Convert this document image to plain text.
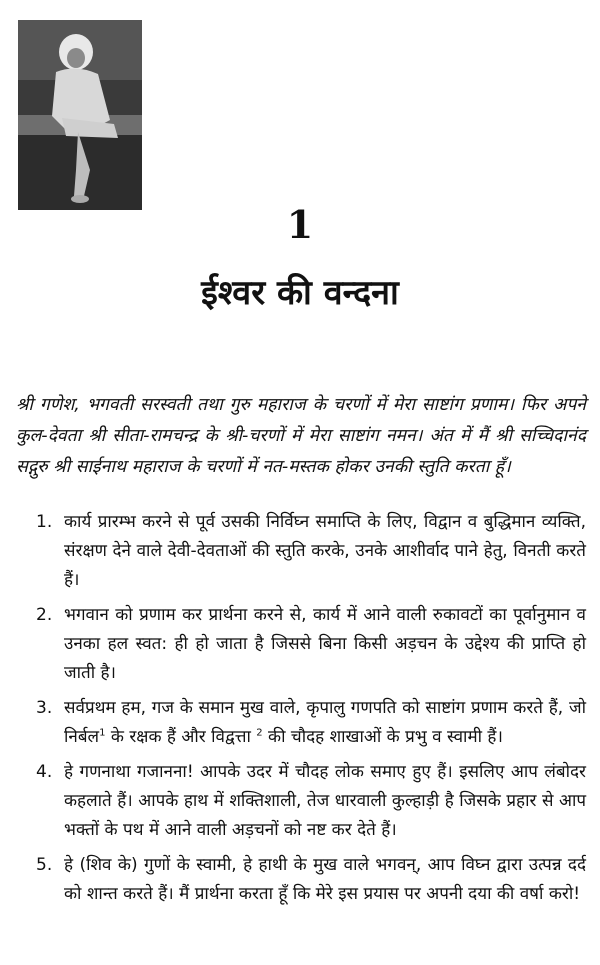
1
ईश्वर की वन्दना

श्री गणेश, भगवती सरस्वती तथा गुरु महाराज के चरणों में मेरा साष्टांग प्रणाम। फिर अपने कुल-देवता श्री सीता-रामचन्द्र के श्री-चरणों में मेरा साष्टांग नमन। अंत में मैं श्री सच्चिदानंद सद्गुरु श्री साईनाथ महाराज के चरणों में नत-मस्तक होकर उनकी स्तुति करता हूँ।

1. कार्य प्रारम्भ करने से पूर्व उसकी निर्विघ्न समाप्ति के लिए, विद्वान व बुद्धिमान व्यक्ति, संरक्षण देने वाले देवी-देवताओं की स्तुति करके, उनके आशीर्वाद पाने हेतु, विनती करते हैं।
2. भगवान को प्रणाम कर प्रार्थना करने से, कार्य में आने वाली रुकावटों का पूर्वानुमान व उनका हल स्वत: ही हो जाता है जिससे बिना किसी अड़चन के उद्देश्य की प्राप्ति हो जाती है।
3. सर्वप्रथम हम, गज के समान मुख वाले, कृपालु गणपति को साष्टांग प्रणाम करते हैं, जो निर्बल$^1$ के रक्षक हैं और विद्वत्ता $^2$ की चौदह शाखाओं के प्रभु व स्वामी हैं।
4. हे गणनाथा गजानना! आपके उदर में चौदह लोक समाए हुए हैं। इसलिए आप लंबोदर कहलाते हैं। आपके हाथ में शक्तिशाली, तेज धारवाली कुल्हाड़ी है जिसके प्रहार से आप भक्तों के पथ में आने वाली अड़चनों को नष्ट कर देते हैं।
5. हे (शिव के) गुणों के स्वामी, हे हाथी के मुख वाले भगवन्, आप विघ्न द्वारा उत्पन्न दर्द को शान्त करते हैं। मैं प्रार्थना करता हूँ कि मेरे इस प्रयास पर अपनी दया की वर्षा करो!
